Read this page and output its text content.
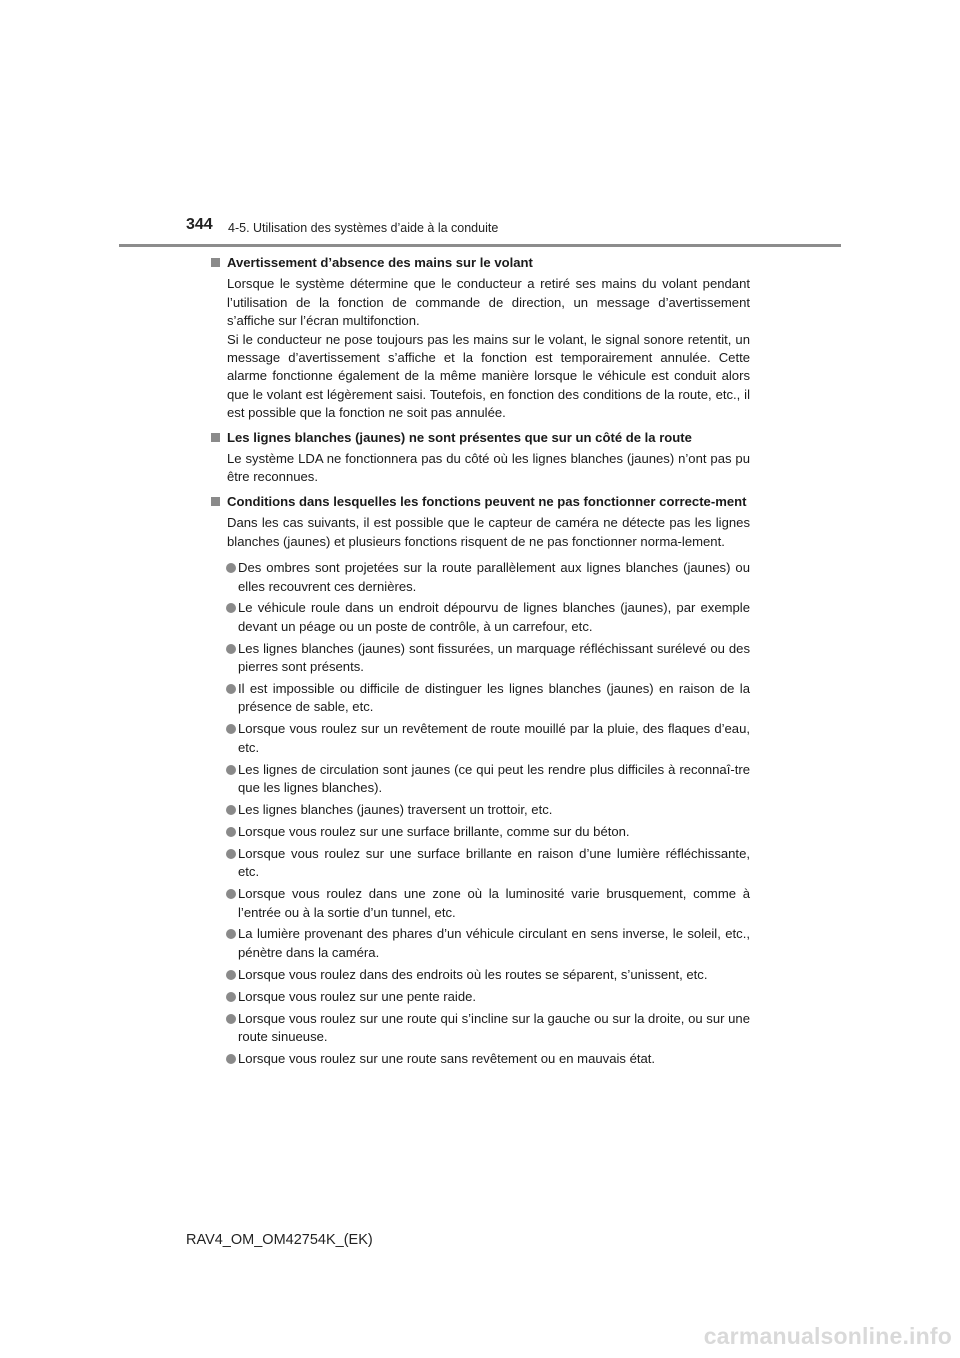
344 4-5. Utilisation des systèmes d’aide à la conduite
Avertissement d’absence des mains sur le volant

Lorsque le système détermine que le conducteur a retiré ses mains du volant pendant l’utilisation de la fonction de commande de direction, un message d’avertissement s’affiche sur l’écran multifonction.

Si le conducteur ne pose toujours pas les mains sur le volant, le signal sonore retentit, un message d’avertissement s’affiche et la fonction est temporairement annulée. Cette alarme fonctionne également de la même manière lorsque le véhicule est conduit alors que le volant est légèrement saisi. Toutefois, en fonction des conditions de la route, etc., il est possible que la fonction ne soit pas annulée.

Les lignes blanches (jaunes) ne sont présentes que sur un côté de la route

Le système LDA ne fonctionnera pas du côté où les lignes blanches (jaunes) n’ont pas pu être reconnues.

Conditions dans lesquelles les fonctions peuvent ne pas fonctionner correcte-ment

Dans les cas suivants, il est possible que le capteur de caméra ne détecte pas les lignes blanches (jaunes) et plusieurs fonctions risquent de ne pas fonctionner norma-lement.

Des ombres sont projetées sur la route parallèlement aux lignes blanches (jaunes) ou elles recouvrent ces dernières.
Le véhicule roule dans un endroit dépourvu de lignes blanches (jaunes), par exemple devant un péage ou un poste de contrôle, à un carrefour, etc.
Les lignes blanches (jaunes) sont fissurées, un marquage réfléchissant surélevé ou des pierres sont présents.
Il est impossible ou difficile de distinguer les lignes blanches (jaunes) en raison de la présence de sable, etc.
Lorsque vous roulez sur un revêtement de route mouillé par la pluie, des flaques d’eau, etc.
Les lignes de circulation sont jaunes (ce qui peut les rendre plus difficiles à reconnaî-tre que les lignes blanches).
Les lignes blanches (jaunes) traversent un trottoir, etc.
Lorsque vous roulez sur une surface brillante, comme sur du béton.
Lorsque vous roulez sur une surface brillante en raison d’une lumière réfléchissante, etc.
Lorsque vous roulez dans une zone où la luminosité varie brusquement, comme à l’entrée ou à la sortie d’un tunnel, etc.
La lumière provenant des phares d’un véhicule circulant en sens inverse, le soleil, etc., pénètre dans la caméra.
Lorsque vous roulez dans des endroits où les routes se séparent, s’unissent, etc.
Lorsque vous roulez sur une pente raide.
Lorsque vous roulez sur une route qui s’incline sur la gauche ou sur la droite, ou sur une route sinueuse.
Lorsque vous roulez sur une route sans revêtement ou en mauvais état.
RAV4_OM_OM42754K_(EK)
carmanualsonline.info
